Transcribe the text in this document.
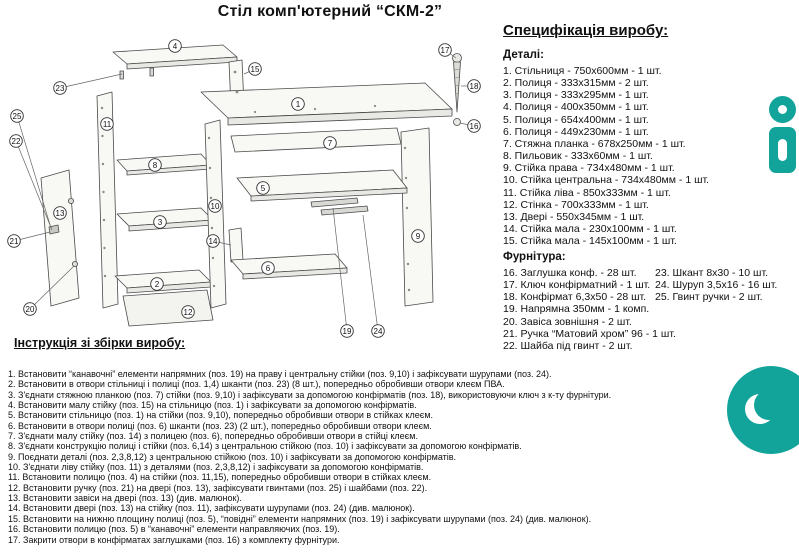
Стіл комп'ютерний “СКМ-2”
4
23
15
17
18
16
25
22
11
21
20
13
8
3
2
12
1
7
5
10
14
6
9
19	24
Специфікація виробу:
Деталі:
1. Стільниця - 750х600мм - 1 шт.
2. Полиця - 333х315мм - 2 шт.
3. Полиця - 333х295мм - 1 шт.
4. Полиця - 400х350мм - 1 шт.
5. Полиця - 654х400мм - 1 шт.
6. Полиця - 449х230мм - 1 шт.
7. Стяжна планка - 678х250мм - 1 шт.
8. Пильовик - 333х60мм - 1 шт.
9. Стійка права - 734х480мм - 1 шт.
10. Стійка центральна - 734х480мм - 1 шт.
11. Стійка ліва - 850х333мм - 1 шт.
12. Стінка - 700х333мм - 1 шт.
13. Двері - 550х345мм - 1 шт.
14. Стійка мала - 230х100мм - 1 шт.
15. Стійка мала - 145х100мм - 1 шт.
Фурнітура:
16. Заглушка конф. - 28 шт.
17. Ключ конфірматний - 1 шт.
18. Конфірмат 6,3х50 - 28 шт.
19. Напрямна 350мм - 1 комп.
20. Завіса зовнішня - 2 шт.
21. Ручка “Матовий хром” 96 - 1 шт.
22. Шайба під гвинт - 2 шт.
23. Шкант 8х30 - 10 шт.
24. Шуруп 3,5х16 - 16 шт.
25. Гвинт ручки - 2 шт.
Інструкція зі збірки виробу:
1. Встановити “канавочні” елементи напрямних (поз. 19) на праву і центральну стійки (поз. 9,10) і зафіксувати шурупами (поз. 24).
2. Встановити в отвори стільниці і полиці (поз. 1,4) шканти (поз. 23) (8 шт.), попередньо обробивши отвори клеєм ПВА.
3. З'єднати стяжною планкою (поз. 7) стійки (поз. 9,10) і зафіксувати за допомогою конфірматів (поз. 18), використовуючи ключ з к-ту фурнітури.
4. Встановити малу стійку (поз. 15) на стільницю (поз. 1) і зафіксувати за допомогою конфірматів.
5. Встановити стільницю (поз. 1) на стійки (поз. 9,10), попередньо обробивши отвори в стійках клеєм.
6. Встановити в отвори полиці (поз. 6) шканти (поз. 23) (2 шт.), попередньо обробивши отвори клеєм.
7. З'єднати малу стійку (поз. 14) з полицею (поз. 6), попередньо обробивши отвори в стійці клеєм.
8. З'єднати конструкцію полиці і стійки (поз. 6,14) з центральною стійкою (поз. 10) і зафіксувати за допомогою конфірматів.
9. Поєднати деталі (поз. 2,3,8,12) з центральною стійкою (поз. 10) і зафіксувати за допомогою конфірматів.
10. З'єднати ліву стійку (поз. 11) з деталями (поз. 2,3,8,12) і зафіксувати за допомогою конфірматів.
11. Встановити полицю (поз. 4) на стійки (поз. 11,15), попередньо обробивши отвори в стійках клеєм.
12. Встановити ручку (поз. 21) на двері (поз. 13), зафіксувати гвинтами (поз. 25) і шайбами (поз. 22).
13. Встановити завіси на двері (поз. 13) (див. малюнок).
14. Встановити двері (поз. 13) на стійку (поз. 11), зафіксувати шурупами (поз. 24) (див. малюнок).
15. Встановити на нижню площину полиці (поз. 5), “повідні” елементи напрямних (поз. 19) і зафіксувати шурупами (поз. 24) (див. малюнок).
16. Встановити полицю (поз. 5) в “канавочні” елементи направляючих (поз. 19).
17. Закрити отвори в конфірматах заглушками (поз. 16) з комплекту фурнітури.
